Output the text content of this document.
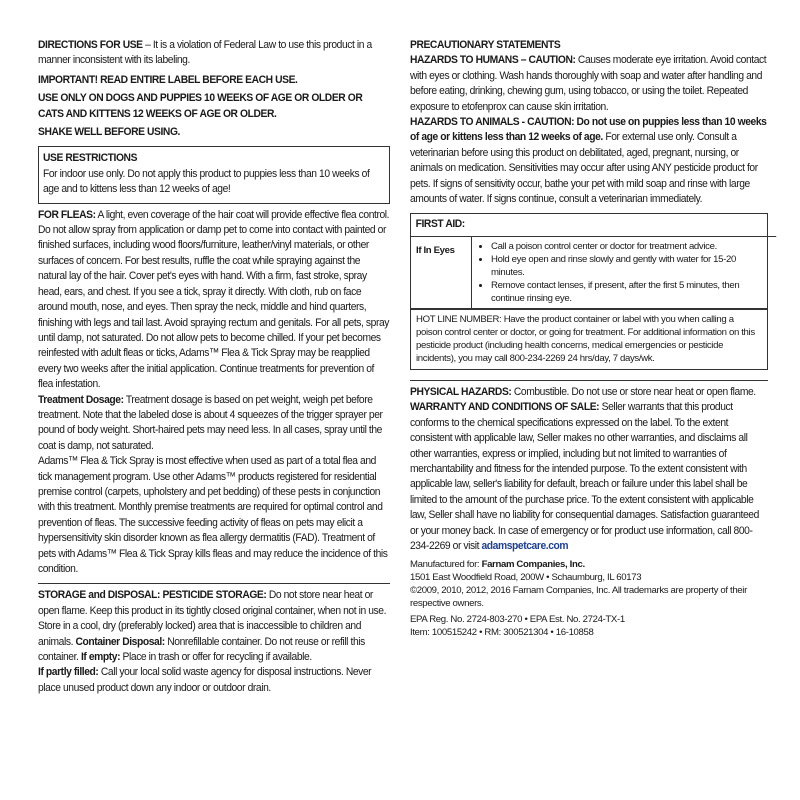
DIRECTIONS FOR USE – It is a violation of Federal Law to use this product in a manner inconsistent with its labeling.

IMPORTANT! READ ENTIRE LABEL BEFORE EACH USE.

USE ONLY ON DOGS AND PUPPIES 10 WEEKS OF AGE OR OLDER OR CATS AND KITTENS 12 WEEKS OF AGE OR OLDER.

SHAKE WELL BEFORE USING.

USE RESTRICTIONS

For indoor use only. Do not apply this product to puppies less than 10 weeks of age and to kittens less than 12 weeks of age!

FOR FLEAS: A light, even coverage of the hair coat will provide effective flea control. Do not allow spray from application or damp pet to come into contact with painted or finished surfaces, including wood floors/furniture, leather/vinyl materials, or other surfaces of concern. For best results, ruffle the coat while spraying against the natural lay of the hair. Cover pet's eyes with hand. With a firm, fast stroke, spray head, ears, and chest. If you see a tick, spray it directly. With cloth, rub on face around mouth, nose, and eyes. Then spray the neck, middle and hind quarters, finishing with legs and tail last. Avoid spraying rectum and genitals. For all pets, spray until damp, not saturated. Do not allow pets to become chilled. If your pet becomes reinfested with adult fleas or ticks, Adams™ Flea & Tick Spray may be reapplied every two weeks after the initial application. Continue treatments for prevention of flea infestation.

Treatment Dosage: Treatment dosage is based on pet weight, weigh pet before treatment. Note that the labeled dose is about 4 squeezes of the trigger sprayer per pound of body weight. Short-haired pets may need less. In all cases, spray until the coat is damp, not saturated.

Adams™ Flea & Tick Spray is most effective when used as part of a total flea and tick management program. Use other Adams™ products registered for residential premise control (carpets, upholstery and pet bedding) of these pests in conjunction with this treatment. Monthly premise treatments are required for optimal control and prevention of fleas. The successive feeding activity of fleas on pets may elicit a hypersensitivity skin disorder known as flea allergy dermatitis (FAD). Treatment of pets with Adams™ Flea & Tick Spray kills fleas and may reduce the incidence of this condition.

STORAGE and DISPOSAL: PESTICIDE STORAGE: Do not store near heat or open flame. Keep this product in its tightly closed original container, when not in use. Store in a cool, dry (preferably locked) area that is inaccessible to children and animals. Container Disposal: Nonrefillable container. Do not reuse or refill this container. If empty: Place in trash or offer for recycling if available.

If partly filled: Call your local solid waste agency for disposal instructions. Never place unused product down any indoor or outdoor drain.

PRECAUTIONARY STATEMENTS

HAZARDS TO HUMANS – CAUTION: Causes moderate eye irritation. Avoid contact with eyes or clothing. Wash hands thoroughly with soap and water after handling and before eating, drinking, chewing gum, using tobacco, or using the toilet. Repeated exposure to etofenprox can cause skin irritation.

HAZARDS TO ANIMALS - CAUTION: Do not use on puppies less than 10 weeks of age or kittens less than 12 weeks of age. For external use only. Consult a veterinarian before using this product on debilitated, aged, pregnant, nursing, or animals on medication. Sensitivities may occur after using ANY pesticide product for pets. If signs of sensitivity occur, bathe your pet with mild soap and rinse with large amounts of water. If signs continue, consult a veterinarian immediately.

FIRST AID:

If In Eyes	
•Call a poison control center or doctor for treatment advice.
• Hold eye open and rinse slowly and gently with water for 15-20 minutes.
• Remove contact lenses, if present, after the first 5 minutes, then continue rinsing eye.

HOT LINE NUMBER: Have the product container or label with you when calling a poison control center or doctor, or going for treatment. For additional information on this pesticide product (including health concerns, medical emergencies or pesticide incidents), you may call 800-234-2269 24 hrs/day, 7 days/wk.

PHYSICAL HAZARDS: Combustible. Do not use or store near heat or open flame.

WARRANTY AND CONDITIONS OF SALE: Seller warrants that this product conforms to the chemical specifications expressed on the label. To the extent consistent with applicable law, Seller makes no other warranties, and disclaims all other warranties, express or implied, including but not limited to warranties of merchantability and fitness for the intended purpose. To the extent consistent with applicable law, seller's liability for default, breach or failure under this label shall be limited to the amount of the purchase price. To the extent consistent with applicable law, Seller shall have no liability for consequential damages. Satisfaction guaranteed or your money back. In case of emergency or for product use information, call 800-234-2269 or visit adamspetcare.com

Manufactured for: Farnam Companies, Inc.

1501 East Woodfield Road, 200W • Schaumburg, IL 60173

©2009, 2010, 2012, 2016 Farnam Companies, Inc. All trademarks are property of their respective owners.

EPA Reg. No. 2724-803-270 • EPA Est. No. 2724-TX-1

Item: 100515242 • RM: 300521304 • 16-10858
